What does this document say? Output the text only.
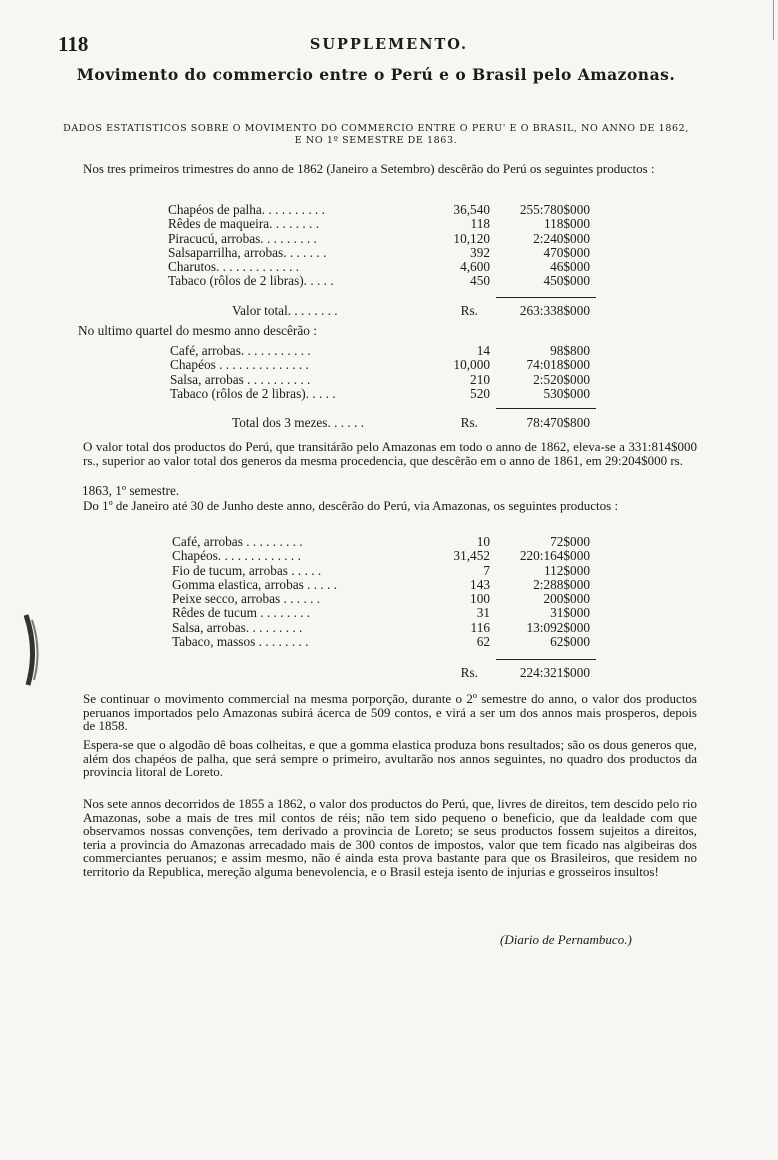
118	SUPPLEMENTO.
Movimento do commercio entre o Perú e o Brasil pelo Amazonas.
DADOS ESTATISTICOS SOBRE O MOVIMENTO DO COMMERCIO ENTRE O PERU' E O BRASIL, NO ANNO DE 1862, E NO 1º SEMESTRE DE 1863.
Nos tres primeiros trimestres do anno de 1862 (Janeiro a Setembro) descêrão do Perú os seguintes productos :
Chapéos de palha. . . . . . . . . .	36,540 255:780$000
Rêdes de maqueira. . . . . . . .	118	118$000
Piracucú, arrobas. . . . . . . . .	10,120	2:240$000
Salsaparrilha, arrobas. . . . . . .	392	470$000
Charutos. . . . . . . . . . . . .	4,600	46$000
Tabaco (rôlos de 2 libras). . . . .	450	450$000
Valor total. . . . . . . .	Rs.	263:338$000
No ultimo quartel do mesmo anno descêrão :
Café, arrobas. . . . . . . . . . .	14	98$800
Chapéos . . . . . . . . . . . . . .	10,000	74:018$000
Salsa, arrobas . . . . . . . . . .	210	2:520$000
Tabaco (rôlos de 2 libras). . . . .	520	530$000
Total dos 3 mezes. . . . . .	Rs.	78:470$800
O valor total dos productos do Perú, que transitárão pelo Amazonas em todo o anno de 1862, eleva-se a 331:814$000 rs., superior ao valor total dos generos da mesma procedencia, que descêrão em o anno de 1861, em 29:204$000 rs.
1863, 1º semestre.
Do 1º de Janeiro até 30 de Junho deste anno, descêrão do Perú, via Amazonas, os seguintes productos :
Café, arrobas . . . . . . . . .	10	72$000
Chapéos. . . . . . . . . . . . .	31,452 220:164$000
Fio de tucum, arrobas . . . . .	7	112$000
Gomma elastica, arrobas . . . . .	143	2:288$000
Peixe secco, arrobas . . . . . .	100	200$000
Rêdes de tucum . . . . . . . .	31	31$000
Salsa, arrobas. . . . . . . . .	116	13:092$000
Tabaco, massos . . . . . . . .	62	62$000
Rs.	224:321$000
Se continuar o movimento commercial na mesma porporção, durante o 2º semestre do anno, o valor dos productos peruanos importados pelo Amazonas subirá ácerca de 509 contos, e virá a ser um dos annos mais prosperos, depois de 1858.
Espera-se que o algodão dê boas colheitas, e que a gomma elastica produza bons resultados; são os dous generos que, além dos chapéos de palha, que será sempre o primeiro, avultarão nos annos seguintes, no quadro dos productos da provincia litoral de Loreto.
Nos sete annos decorridos de 1855 a 1862, o valor dos productos do Perú, que, livres de direitos, tem descido pelo rio Amazonas, sobe a mais de tres mil contos de réis; não tem sido pequeno o beneficio, que da lealdade com que observamos nossas convenções, tem derivado a provincia de Loreto; se seus productos fossem sujeitos a direitos, teria a provincia do Amazonas arrecadado mais de 300 contos de impostos, valor que tem ficado nas algibeiras dos commerciantes peruanos; e assim mesmo, não é ainda esta prova bastante para que os Brasileiros, que residem no territorio da Republica, mereção alguma benevolencia, e o Brasil esteja isento de injurias e grosseiros insultos!
(Diario de Pernambuco.)
